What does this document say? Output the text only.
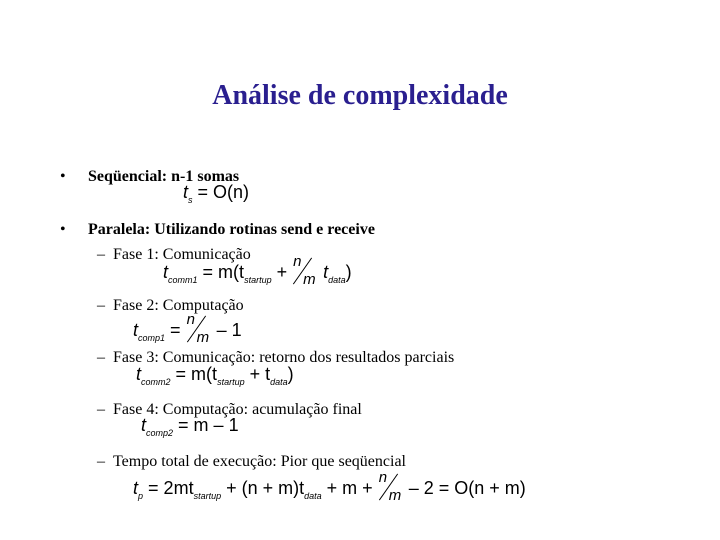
Análise de complexidade
• Seqüencial: n-1 somas
$t_s = O(n)$
• Paralela: Utilizando rotinas send e receive
– Fase 1: Comunicação
$t_{comm1} = m(t_{startup}$ +
n
m $t_{data}$)
– Fase 2: Computação
$t_{comp1}$ =
n
m – 1
– Fase 3: Comunicação: retorno dos resultados parciais
$t_{comm2} = m(t_{startup} + t_{data})$
– Fase 4: Computação: acumulação final
$t_{comp2} = m - 1$
– Tempo total de execução: Pior que seqüencial
$t_p = 2mt_{startup} + (n + m)t_{data} + m$ +
n
m – 2 = O(n + m)
